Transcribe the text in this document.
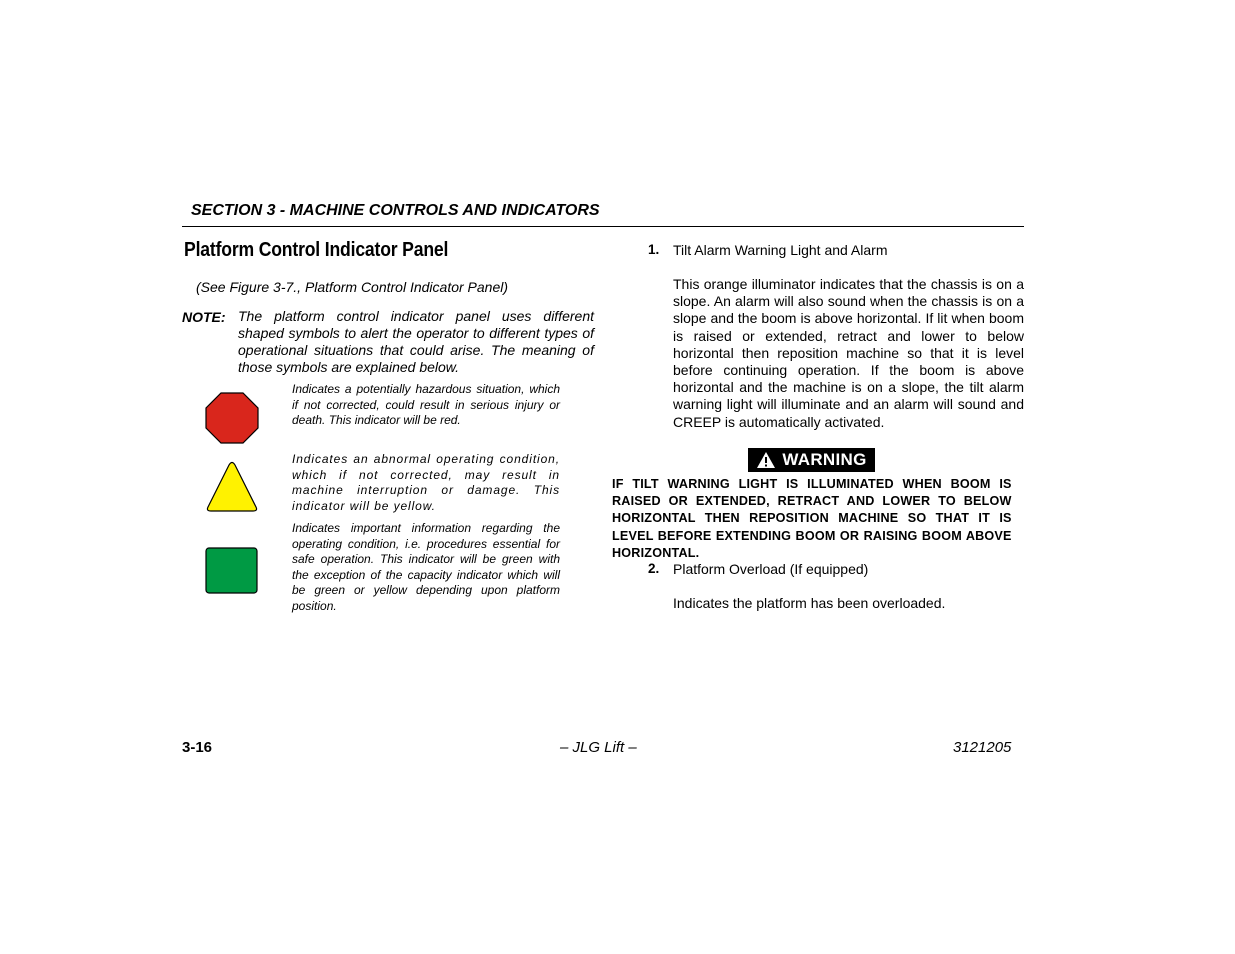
SECTION 3 - MACHINE CONTROLS AND INDICATORS
Platform Control Indicator Panel
(See Figure 3-7., Platform Control Indicator Panel)
NOTE: The platform control indicator panel uses different shaped symbols to alert the operator to different types of operational situations that could arise. The meaning of those symbols are explained below.
Indicates a potentially hazardous situation, which if not corrected, could result in serious injury or death. This indicator will be red.
Indicates an abnormal operating condition, which if not corrected, may result in machine interruption or damage. This indicator will be yellow.
Indicates important information regarding the operating condition, i.e. procedures essential for safe operation. This indicator will be green with the exception of the capacity indicator which will be green or yellow depending upon platform position.
1. Tilt Alarm Warning Light and Alarm
This orange illuminator indicates that the chassis is on a slope. An alarm will also sound when the chassis is on a slope and the boom is above horizontal. If lit when boom is raised or extended, retract and lower to below horizontal then reposition machine so that it is level before continuing operation. If the boom is above horizontal and the machine is on a slope, the tilt alarm warning light will illuminate and an alarm will sound and CREEP is automatically activated.
WARNING
IF TILT WARNING LIGHT IS ILLUMINATED WHEN BOOM IS RAISED OR EXTENDED, RETRACT AND LOWER TO BELOW HORIZONTAL THEN REPOSITION MACHINE SO THAT IT IS LEVEL BEFORE EXTENDING BOOM OR RAISING BOOM ABOVE HORIZONTAL.
2. Platform Overload (If equipped)
Indicates the platform has been overloaded.
3-16	– JLG Lift –	3121205
